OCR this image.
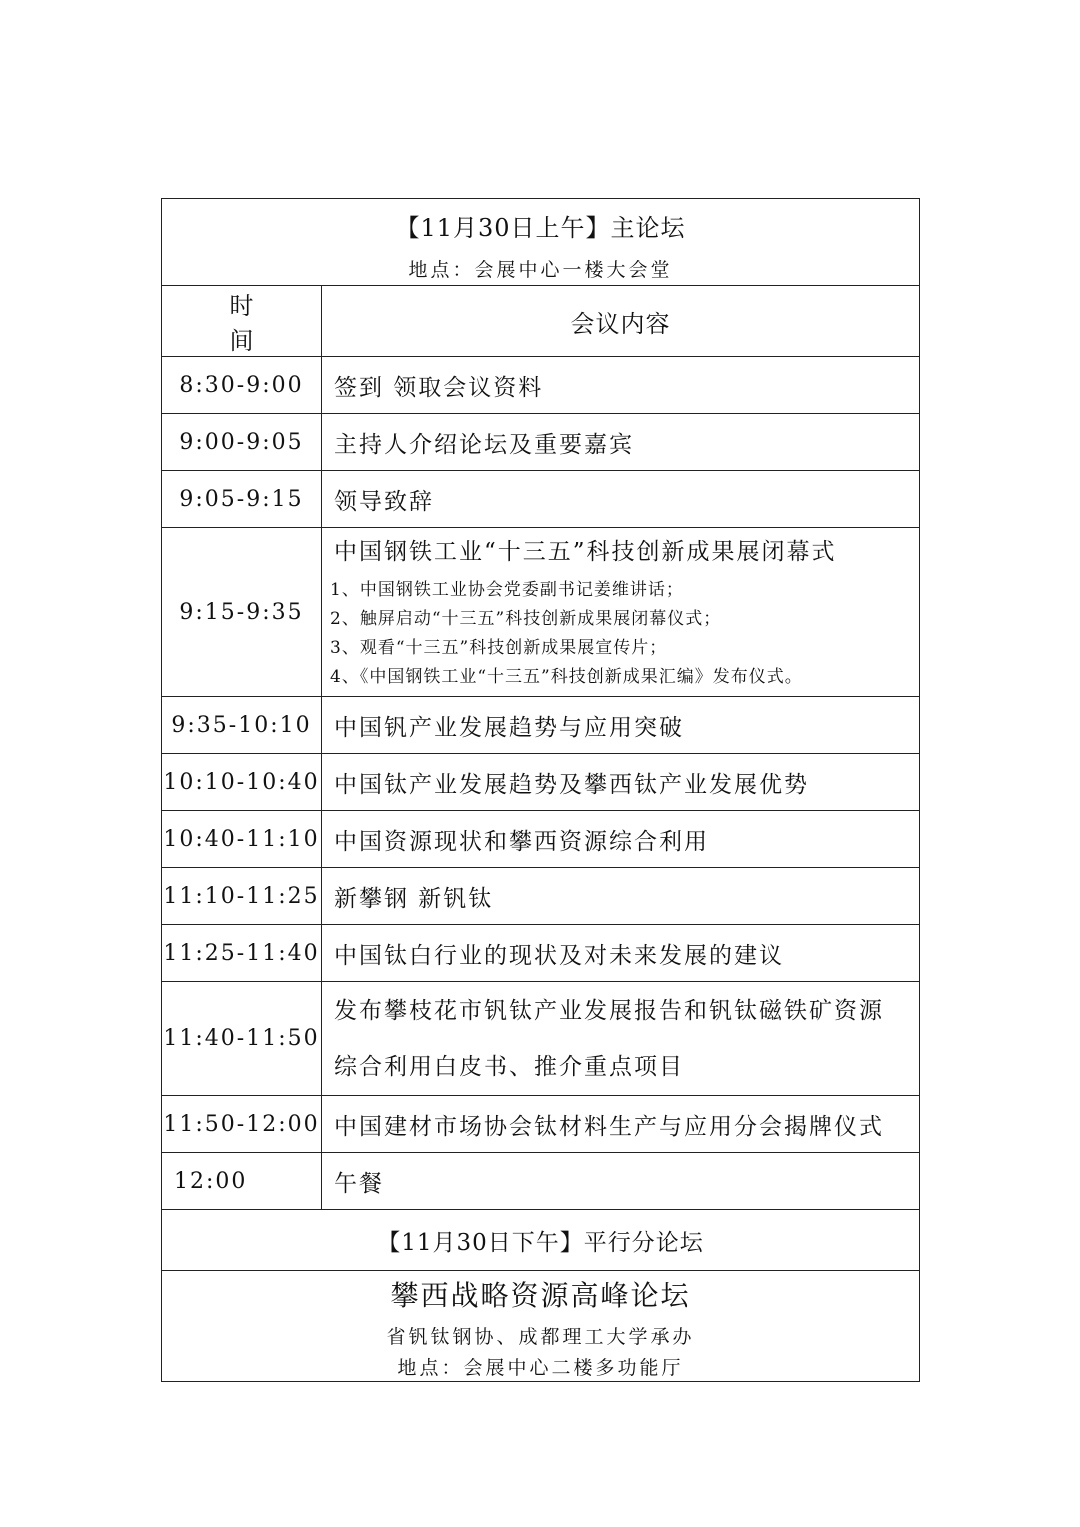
【11月30日上午】主论坛
地点：会展中心一楼大会堂	

时间	会议内容
8:30-9:00	签到 领取会议资料
9:00-9:05	主持人介绍论坛及重要嘉宾
9:05-9:15	领导致辞
9:15-9:35	中国钢铁工业“十三五”科技创新成果展闭幕式
1、中国钢铁工业协会党委副书记姜维讲话；
2、触屏启动“十三五”科技创新成果展闭幕仪式；
3、观看“十三五”科技创新成果展宣传片；
4、《中国钢铁工业“十三五”科技创新成果汇编》发布仪式。

9:35-10:10	中国钒产业发展趋势与应用突破
10:10-10:40	中国钛产业发展趋势及攀西钛产业发展优势
10:40-11:10	中国资源现状和攀西资源综合利用
11:10-11:25	新攀钢 新钒钛
11:25-11:40	中国钛白行业的现状及对未来发展的建议
11:40-11:50	发布攀枝花市钒钛产业发展报告和钒钛磁铁矿资源
综合利用白皮书、推介重点项目

11:50-12:00	中国建材市场协会钛材料生产与应用分会揭牌仪式
12:00	午餐
【11月30日下午】平行分论坛	

攀西战略资源高峰论坛
省钒钛钢协、成都理工大学承办
地点：会展中心二楼多功能厅	
